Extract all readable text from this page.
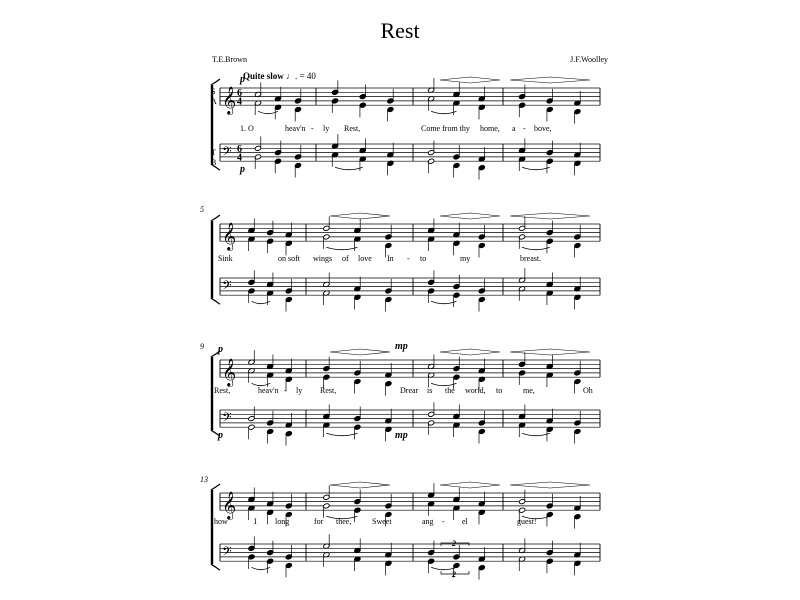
Rest
T.E.Brown	J.F.Woolley
Quite slow ♩. = 40
S
A
T
B
p
p
1. O	heav'n - ly Rest,	Come from thy home, a - bove,
𝄞 6
4
𝄢 6
4
5
Sink	on soft wings of love In - to	my	breast.
𝄞
𝄢
9 p
p
mp
mp
Rest,	heav'n - ly Rest,	Drear is the world, to	me,	Oh
𝄞
𝄢
13
how	I long	for thee,	Sweet	ang - el	guest!
𝄞
𝄢
2
2
